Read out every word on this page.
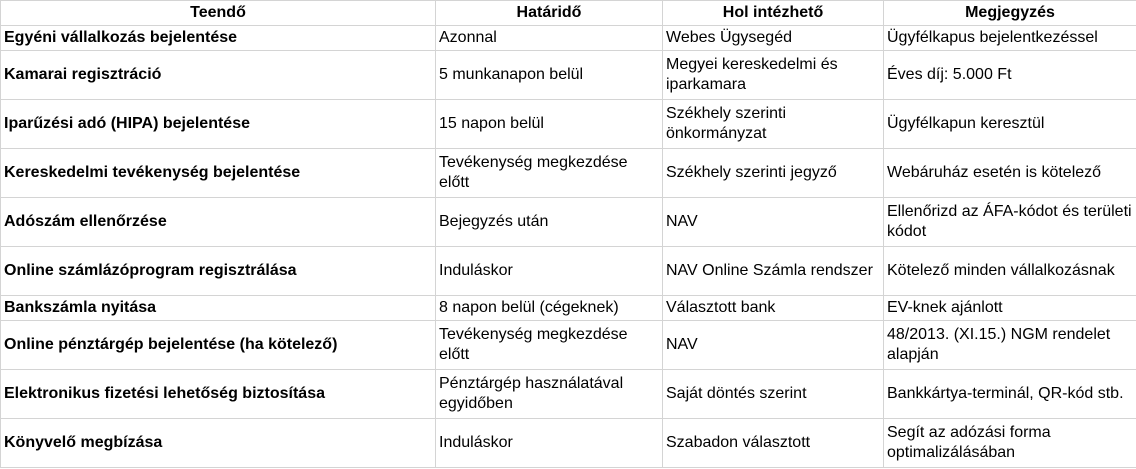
Teendő	Határidő	Hol intézhető	Megjegyzés
Egyéni vállalkozás bejelentése	Azonnal	Webes Ügysegéd	Ügyfélkapus bejelentkezéssel
Kamarai regisztráció	5 munkanapon belül	Megyei kereskedelmi és iparkamara	Éves díj: 5.000 Ft
Iparűzési adó (HIPA) bejelentése	15 napon belül	Székhely szerinti önkormányzat	Ügyfélkapun keresztül
Kereskedelmi tevékenység bejelentése	Tevékenység megkezdése előtt	Székhely szerinti jegyző	Webáruház esetén is kötelező
Adószám ellenőrzése	Bejegyzés után	NAV	Ellenőrizd az ÁFA-kódot és területi kódot
Online számlázóprogram regisztrálása	Induláskor	NAV Online Számla rendszer	Kötelező minden vállalkozásnak
Bankszámla nyitása	8 napon belül (cégeknek)	Választott bank	EV-knek ajánlott
Online pénztárgép bejelentése (ha kötelező)	Tevékenység megkezdése előtt	NAV	48/2013. (XI.15.) NGM rendelet alapján
Elektronikus fizetési lehetőség biztosítása	Pénztárgép használatával egyidőben	Saját döntés szerint	Bankkártya-terminál, QR-kód stb.
Könyvelő megbízása	Induláskor	Szabadon választott	Segít az adózási forma optimalizálásában
